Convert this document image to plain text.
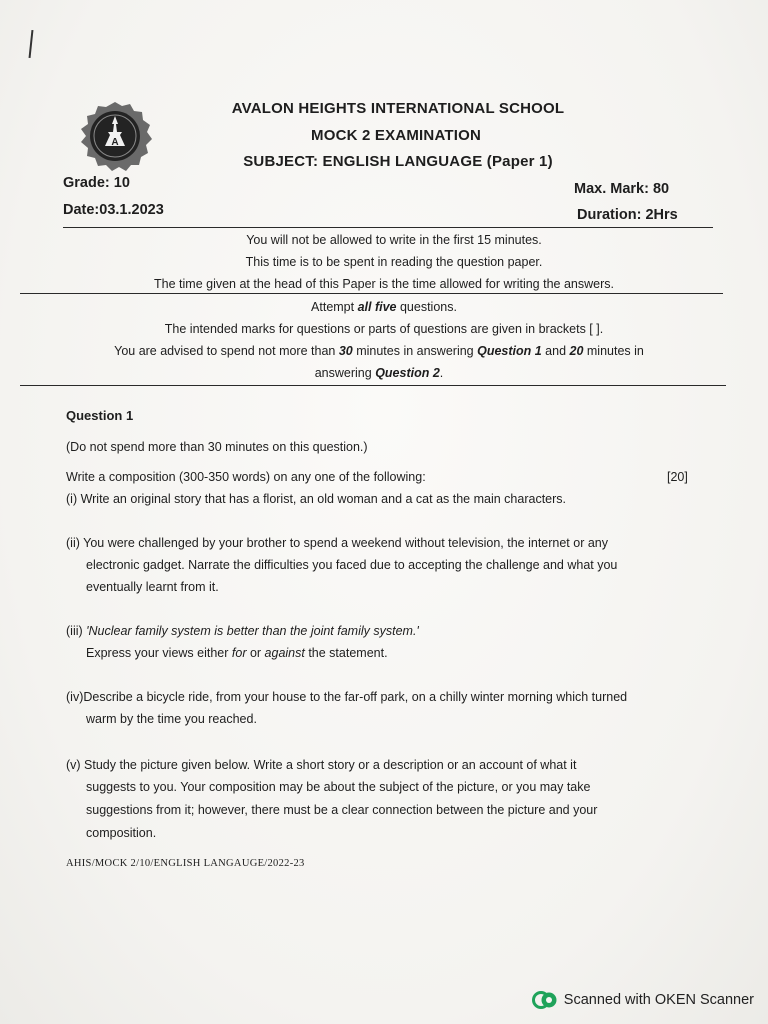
A
AVALON HEIGHTS INTERNATIONAL SCHOOL
MOCK 2 EXAMINATION
SUBJECT: ENGLISH LANGUAGE (Paper 1)
Grade: 10
Date:03.1.2023
Max. Mark: 80
Duration: 2Hrs
You will not be allowed to write in the first 15 minutes.
This time is to be spent in reading the question paper.
The time given at the head of this Paper is the time allowed for writing the answers.
Attempt all five questions.
The intended marks for questions or parts of questions are given in brackets [ ].
You are advised to spend not more than 30 minutes in answering Question 1 and 20 minutes in
answering Question 2.
Question 1
(Do not spend more than 30 minutes on this question.)
Write a composition (300-350 words) on any one of the following:	[20]
(i) Write an original story that has a florist, an old woman and a cat as the main characters.
(ii) You were challenged by your brother to spend a weekend without television, the internet or any
electronic gadget. Narrate the difficulties you faced due to accepting the challenge and what you
eventually learnt from it.
(iii) 'Nuclear family system is better than the joint family system.'
Express your views either for or against the statement.
(iv)Describe a bicycle ride, from your house to the far-off park, on a chilly winter morning which turned
warm by the time you reached.
(v) Study the picture given below. Write a short story or a description or an account of what it
suggests to you. Your composition may be about the subject of the picture, or you may take
suggestions from it; however, there must be a clear connection between the picture and your
composition.
AHIS/MOCK 2/10/ENGLISH LANGAUGE/2022-23
Scanned with OKEN Scanner
